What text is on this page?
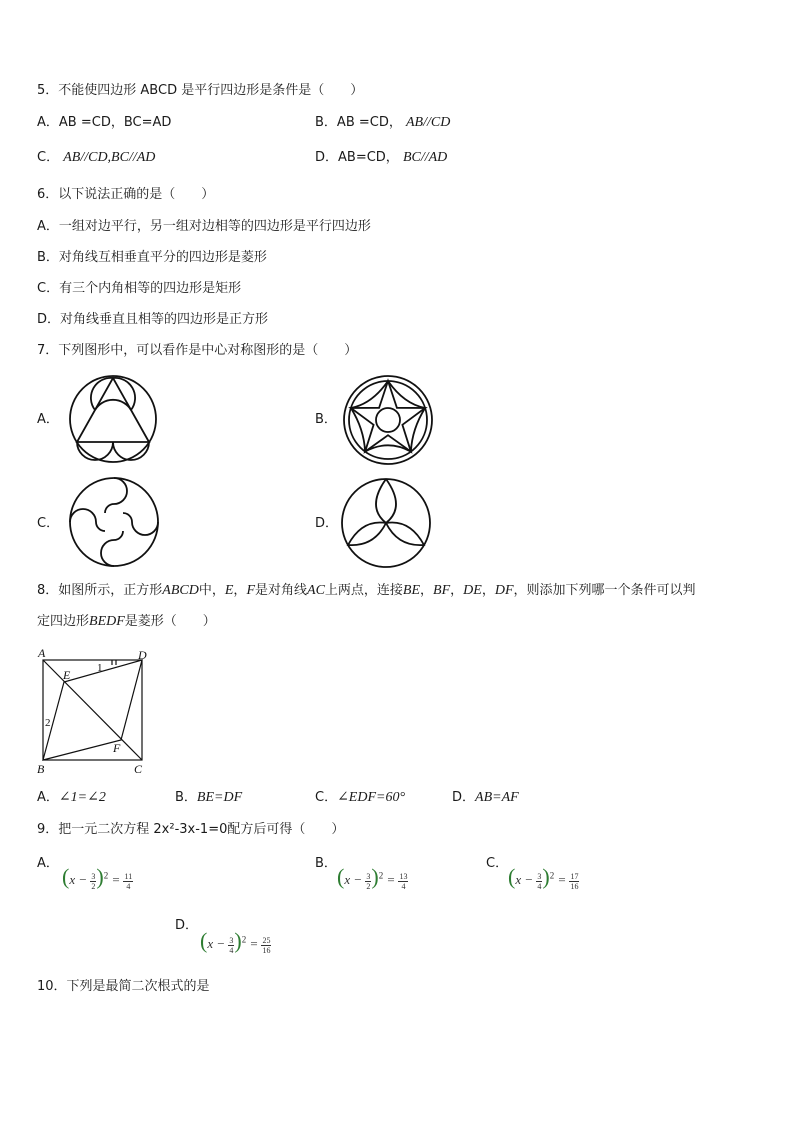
5．不能使四边形 ABCD 是平行四边形是条件是（　　）
A．AB =CD，BC=AD	B．AB =CD， AB//CD
C． AB//CD,BC//AD	D．AB=CD， BC//AD
6．以下说法正确的是（　　）
A．一组对边平行，另一组对边相等的四边形是平行四边形
B．对角线互相垂直平分的四边形是菱形
C．有三个内角相等的四边形是矩形
D．对角线垂直且相等的四边形是正方形
7．下列图形中，可以看作是中心对称图形的是（　　）
A．	B．
C．	D．
8．如图所示，正方形ABCD中，E，F是对角线AC上两点，连接BE，BF，DE，DF，则添加下列哪一个条件可以判
定四边形BEDF是菱形（　　）
A	D
B	C
E
F
1
2
A．∠1=∠2	B．BE=DF	C．∠EDF=60°	D．AB=AF
9．把一元二次方程 2x²-3x-1=0配方后可得（　　）
A．
$(x - \frac{3}{2} )^2 = \frac{11}{4}$
B．
$(x - \frac{3}{2} )^2 = \frac{13}{4}$
C．
$(x - \frac{3}{4} )^2 = \frac{17}{16}$
D．
$(x - \frac{3}{4} )^2 = \frac{25}{16}$
10．下列是最简二次根式的是
